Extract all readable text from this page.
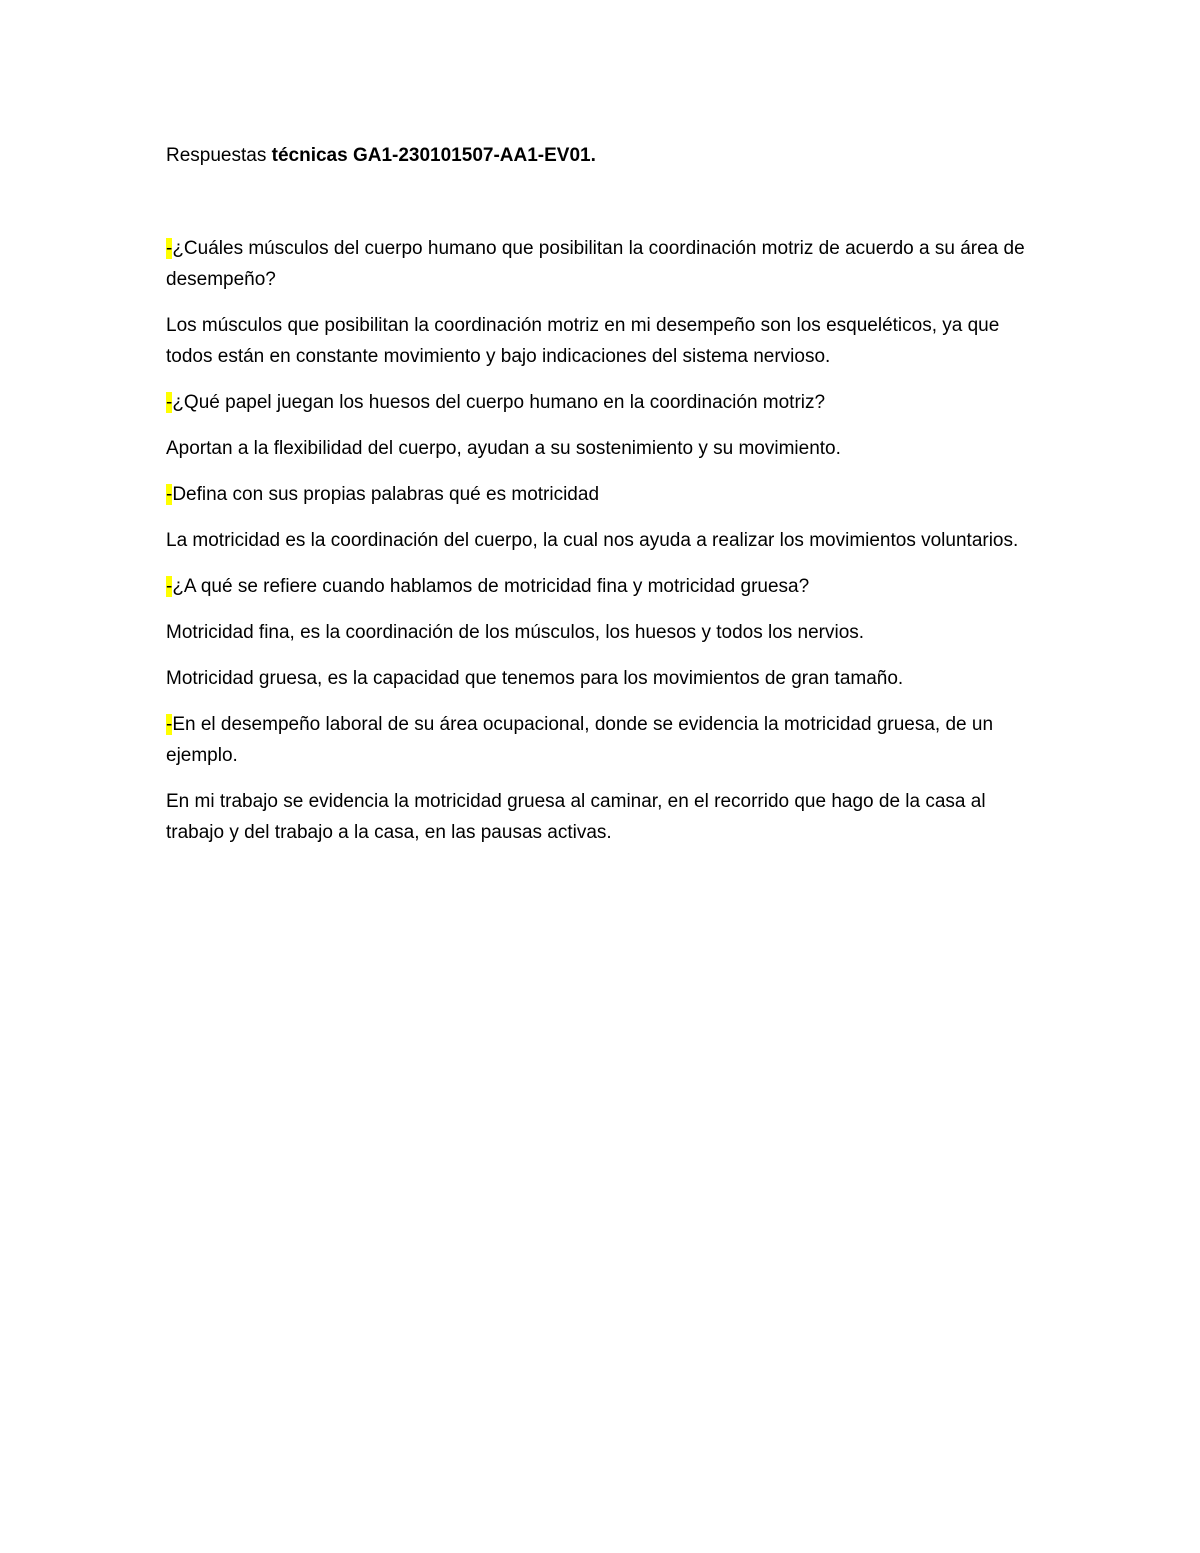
Respuestas técnicas GA1-230101507-AA1-EV01.

-¿Cuáles músculos del cuerpo humano que posibilitan la coordinación motriz de acuerdo a su área de desempeño?

Los músculos que posibilitan la coordinación motriz en mi desempeño son los esqueléticos, ya que todos están en constante movimiento y bajo indicaciones del sistema nervioso.

-¿Qué papel juegan los huesos del cuerpo humano en la coordinación motriz?

Aportan a la flexibilidad del cuerpo, ayudan a su sostenimiento y su movimiento.

-Defina con sus propias palabras qué es motricidad

La motricidad es la coordinación del cuerpo, la cual nos ayuda a realizar los movimientos voluntarios.

-¿A qué se refiere cuando hablamos de motricidad fina y motricidad gruesa?

Motricidad fina, es la coordinación de los músculos, los huesos y todos los nervios.

Motricidad gruesa, es la capacidad que tenemos para los movimientos de gran tamaño.

-En el desempeño laboral de su área ocupacional, donde se evidencia la motricidad gruesa, de un ejemplo.

En mi trabajo se evidencia la motricidad gruesa al caminar, en el recorrido que hago de la casa al trabajo y del trabajo a la casa, en las pausas activas.
